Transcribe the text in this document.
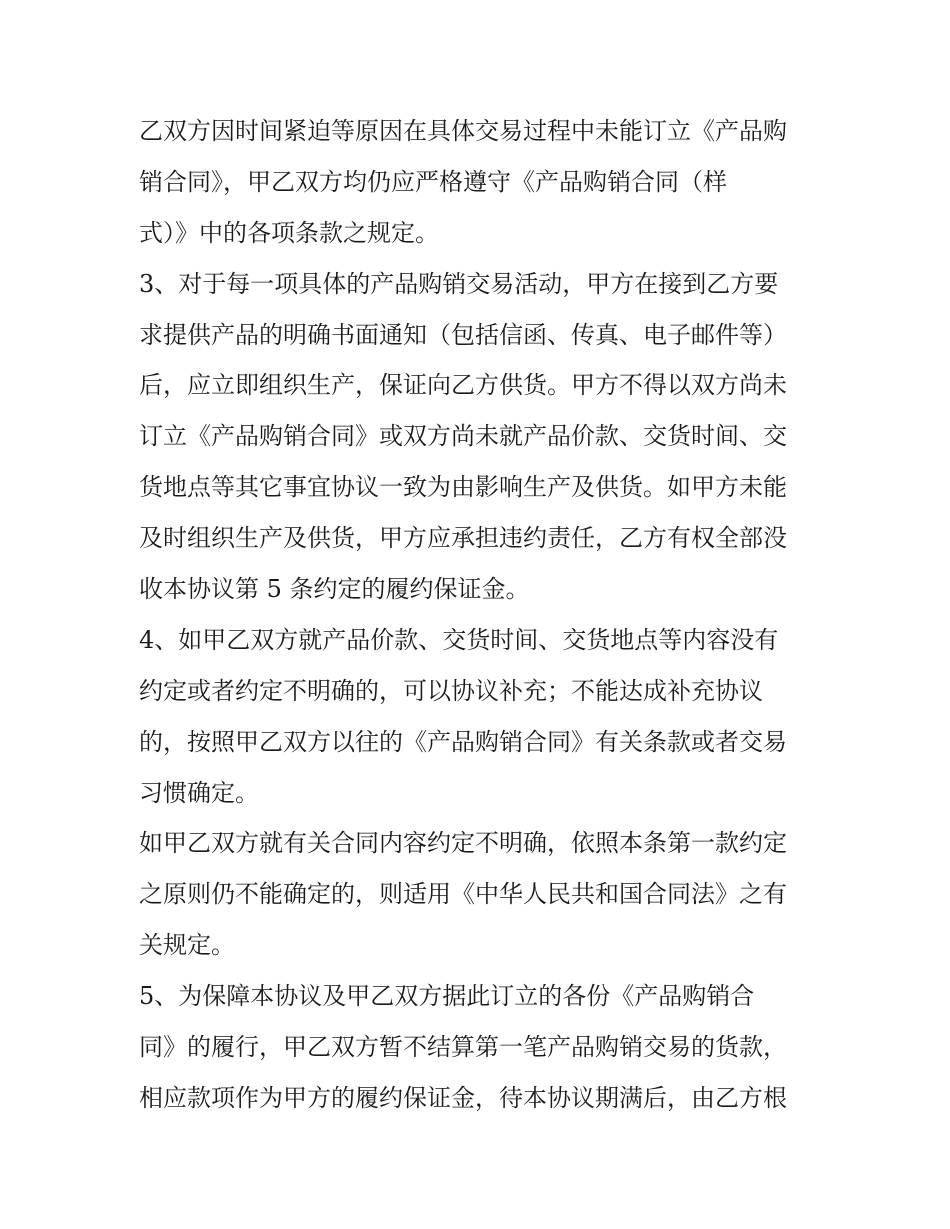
乙双方因时间紧迫等原因在具体交易过程中未能订立《产品购
销合同》，甲乙双方均仍应严格遵守《产品购销合同（样
式）》中的各项条款之规定。
3、对于每一项具体的产品购销交易活动，甲方在接到乙方要
求提供产品的明确书面通知（包括信函、传真、电子邮件等）
后，应立即组织生产，保证向乙方供货。甲方不得以双方尚未
订立《产品购销合同》或双方尚未就产品价款、交货时间、交
货地点等其它事宜协议一致为由影响生产及供货。如甲方未能
及时组织生产及供货，甲方应承担违约责任，乙方有权全部没
收本协议第 5 条约定的履约保证金。
4、如甲乙双方就产品价款、交货时间、交货地点等内容没有
约定或者约定不明确的，可以协议补充；不能达成补充协议
的，按照甲乙双方以往的《产品购销合同》有关条款或者交易
习惯确定。
如甲乙双方就有关合同内容约定不明确，依照本条第一款约定
之原则仍不能确定的，则适用《中华人民共和国合同法》之有
关规定。
5、为保障本协议及甲乙双方据此订立的各份《产品购销合
同》的履行，甲乙双方暂不结算第一笔产品购销交易的货款，
相应款项作为甲方的履约保证金，待本协议期满后，由乙方根
